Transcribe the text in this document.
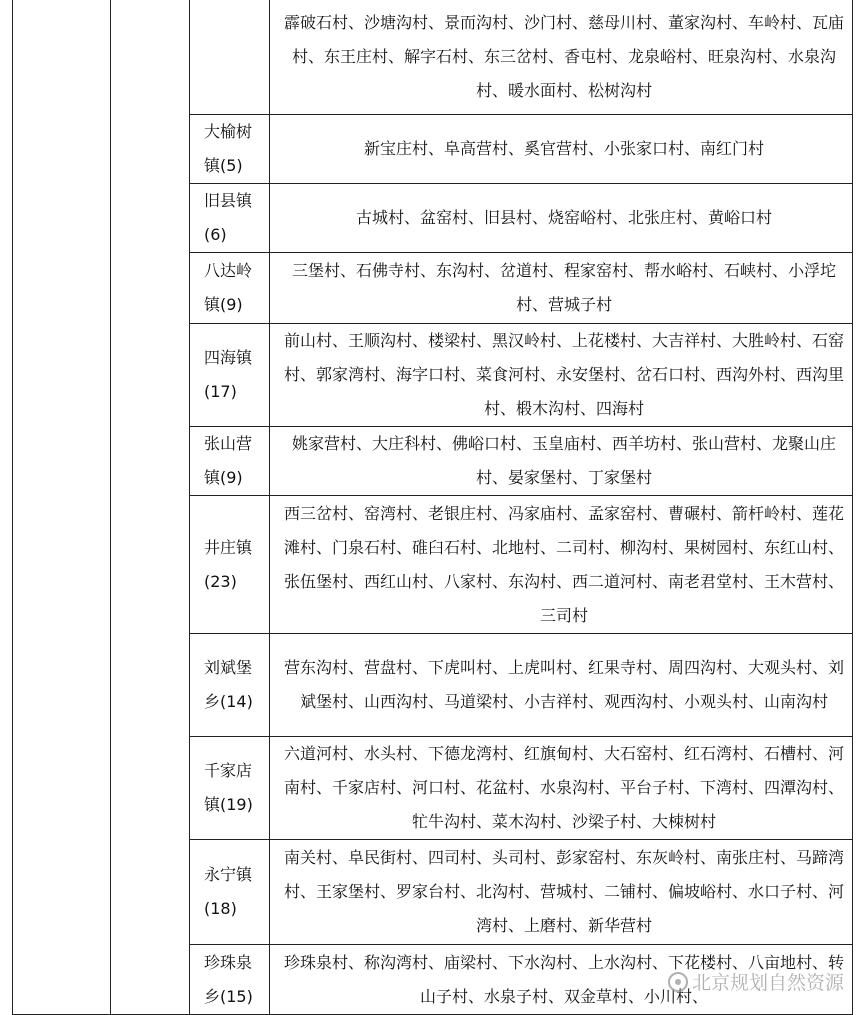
			霹破石村、沙塘沟村、景而沟村、沙门村、慈母川村、董家沟村、车岭村、瓦庙村、东王庄村、解字石村、东三岔村、香屯村、龙泉峪村、旺泉沟村、水泉沟村、暖水面村、松树沟村
		大榆树镇(5)	新宝庄村、阜高营村、奚官营村、小张家口村、南红门村
		旧县镇(6)	古城村、盆窑村、旧县村、烧窑峪村、北张庄村、黄峪口村
		八达岭镇(9)	三堡村、石佛寺村、东沟村、岔道村、程家窑村、帮水峪村、石峡村、小浮坨村、营城子村
		四海镇(17)	前山村、王顺沟村、楼梁村、黑汉岭村、上花楼村、大吉祥村、大胜岭村、石窑村、郭家湾村、海字口村、菜食河村、永安堡村、岔石口村、西沟外村、西沟里村、椴木沟村、四海村
		张山营镇(9)	姚家营村、大庄科村、佛峪口村、玉皇庙村、西羊坊村、张山营村、龙聚山庄村、晏家堡村、丁家堡村
		井庄镇(23)	西三岔村、窑湾村、老银庄村、冯家庙村、孟家窑村、曹碾村、箭杆岭村、莲花滩村、门泉石村、碓臼石村、北地村、二司村、柳沟村、果树园村、东红山村、张伍堡村、西红山村、八家村、东沟村、西二道河村、南老君堂村、王木营村、三司村
		刘斌堡乡(14)	营东沟村、营盘村、下虎叫村、上虎叫村、红果寺村、周四沟村、大观头村、刘斌堡村、山西沟村、马道梁村、小吉祥村、观西沟村、小观头村、山南沟村
		千家店镇(19)	六道河村、水头村、下德龙湾村、红旗甸村、大石窑村、红石湾村、石槽村、河南村、千家店村、河口村、花盆村、水泉沟村、平台子村、下湾村、四潭沟村、牤牛沟村、菜木沟村、沙梁子村、大栜树村
		永宁镇(18)	南关村、阜民街村、四司村、头司村、彭家窑村、东灰岭村、南张庄村、马蹄湾村、王家堡村、罗家台村、北沟村、营城村、二铺村、偏坡峪村、水口子村、河湾村、上磨村、新华营村
		珍珠泉乡(15)	珍珠泉村、称沟湾村、庙梁村、下水沟村、上水沟村、下花楼村、八亩地村、转山子村、水泉子村、双金草村、小川村、
北京规划自然资源
